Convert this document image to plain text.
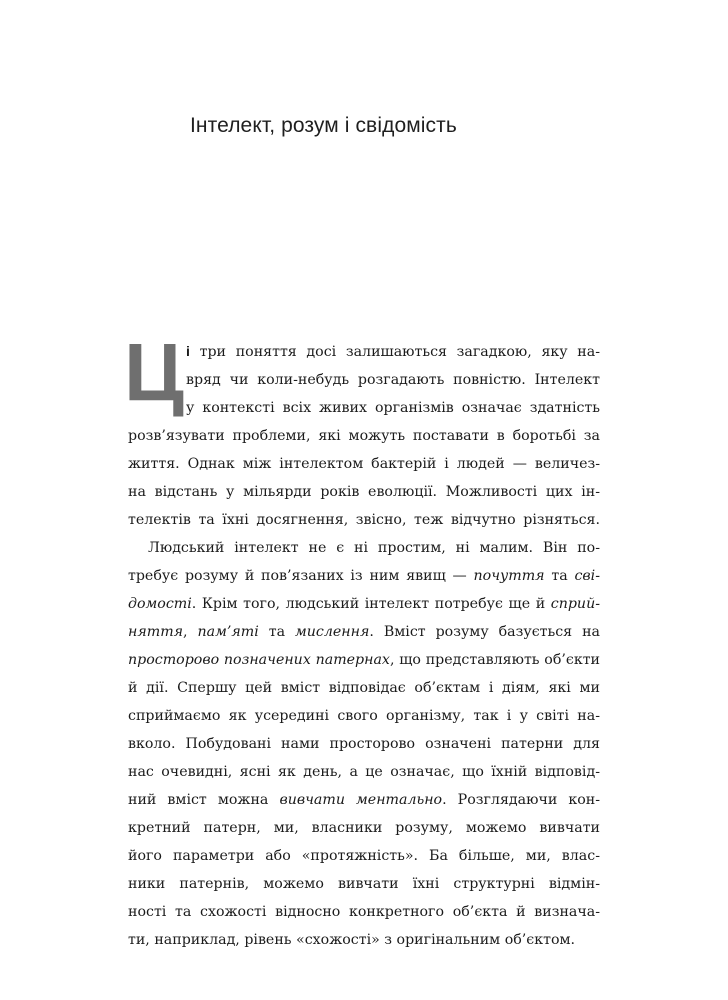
Інтелект, розум і свідомість
Ц і три поняття досі залишаються загадкою, яку на-
вряд чи коли-небудь розгадають повністю. Інтелект
у контексті всіх живих організмів означає здатність
розв’язувати проблеми, які можуть поставати в боротьбі за
життя. Однак між інтелектом бактерій і людей — величез-
на відстань у мільярди років еволюції. Можливості цих ін-
телектів та їхні досягнення, звісно, теж відчутно різняться.
Людський інтелект не є ні простим, ні малим. Він по-
требує розуму й пов’язаних із ним явищ — почуття та сві-
домості. Крім того, людський інтелект потребує ще й сприй-
няття, пам’яті та мислення. Вміст розуму базується на
просторово позначених патернах, що представляють об’єкти
й дії. Спершу цей вміст відповідає об’єктам і діям, які ми
сприймаємо як усередині свого організму, так і у світі на-
вколо. Побудовані нами просторово означені патерни для
нас очевидні, ясні як день, а це означає, що їхній відповід-
ний вміст можна вивчати ментально. Розглядаючи кон-
кретний патерн, ми, власники розуму, можемо вивчати
його параметри або «протяжність». Ба більше, ми, влас-
ники патернів, можемо вивчати їхні структурні відмін-
ності та схожості відносно конкретного об’єкта й визнача-
ти, наприклад, рівень «схожості» з оригінальним об’єктом.
